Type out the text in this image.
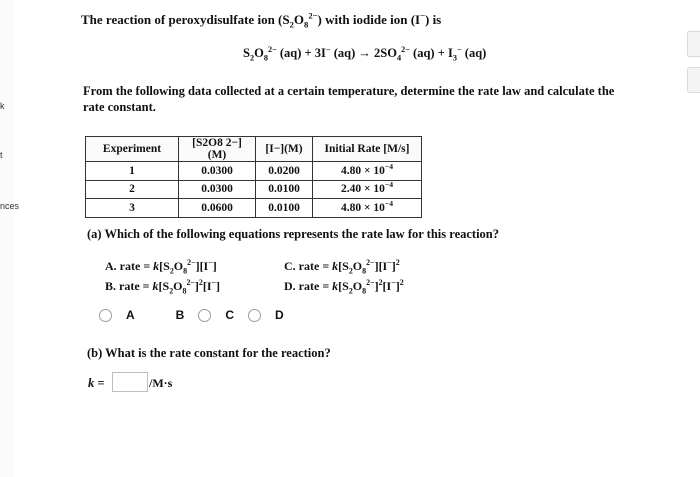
k
t
nces
The reaction of peroxydisulfate ion $(S_2O_8^{2-})$ with iodide ion (I−) is
$S_2O_8^{2-}$ (aq) + 3I− $(aq) \to 2SO_4^{2-}$ $(aq) + I_3^-$ (aq)
From the following data collected at a certain temperature, determine the rate law and calculate the
rate constant.
Experiment	[S2O8 2−](M)	[I−](M)	Initial Rate [M/s]
1	0.0300	0.0200	$4.80 \times 10^{-4}$
2	0.0300	0.0100	$2.40 \times 10^{-4}$
3	0.0600	0.0100	$4.80 \times 10^{-4}$
(a) Which of the following equations represents the rate law for this reaction?
A. rate = $k[S_2O_8^{2-}][I^-]$
B. rate = $k[S_2O_8^{2-}]^2[I^-]$
C. rate = $k[S_2O_8^{2-}][I^-]^2$
D. rate = $k[S_2O_8^{2-}]^2[I^-]^2$
A	B	C	D
(b) What is the rate constant for the reaction?
k =	/M·s
